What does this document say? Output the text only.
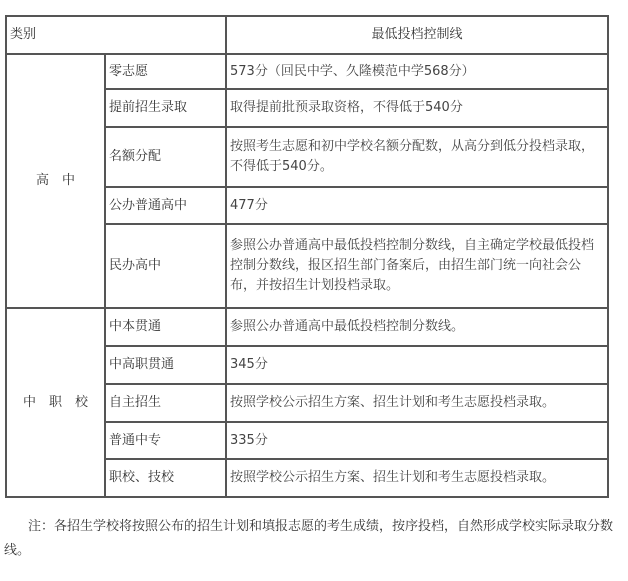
类别		最低投档控制线
高　中	零志愿	573分（回民中学、久隆模范中学568分）
	提前招生录取	取得提前批预录取资格，不得低于540分
	名额分配	按照考生志愿和初中学校名额分配数，从高分到低分投档录取，不得低于540分。
	公办普通高中	477分
	民办高中	参照公办普通高中最低投档控制分数线，自主确定学校最低投档控制分数线，报区招生部门备案后，由招生部门统一向社会公布，并按招生计划投档录取。
中　职　校	中本贯通	参照公办普通高中最低投档控制分数线。
	中高职贯通	345分
	自主招生	按照学校公示招生方案、招生计划和考生志愿投档录取。
	普通中专	335分
	职校、技校	按照学校公示招生方案、招生计划和考生志愿投档录取。
注：各招生学校将按照公布的招生计划和填报志愿的考生成绩，按序投档，自然形成学校实际录取分数线。
